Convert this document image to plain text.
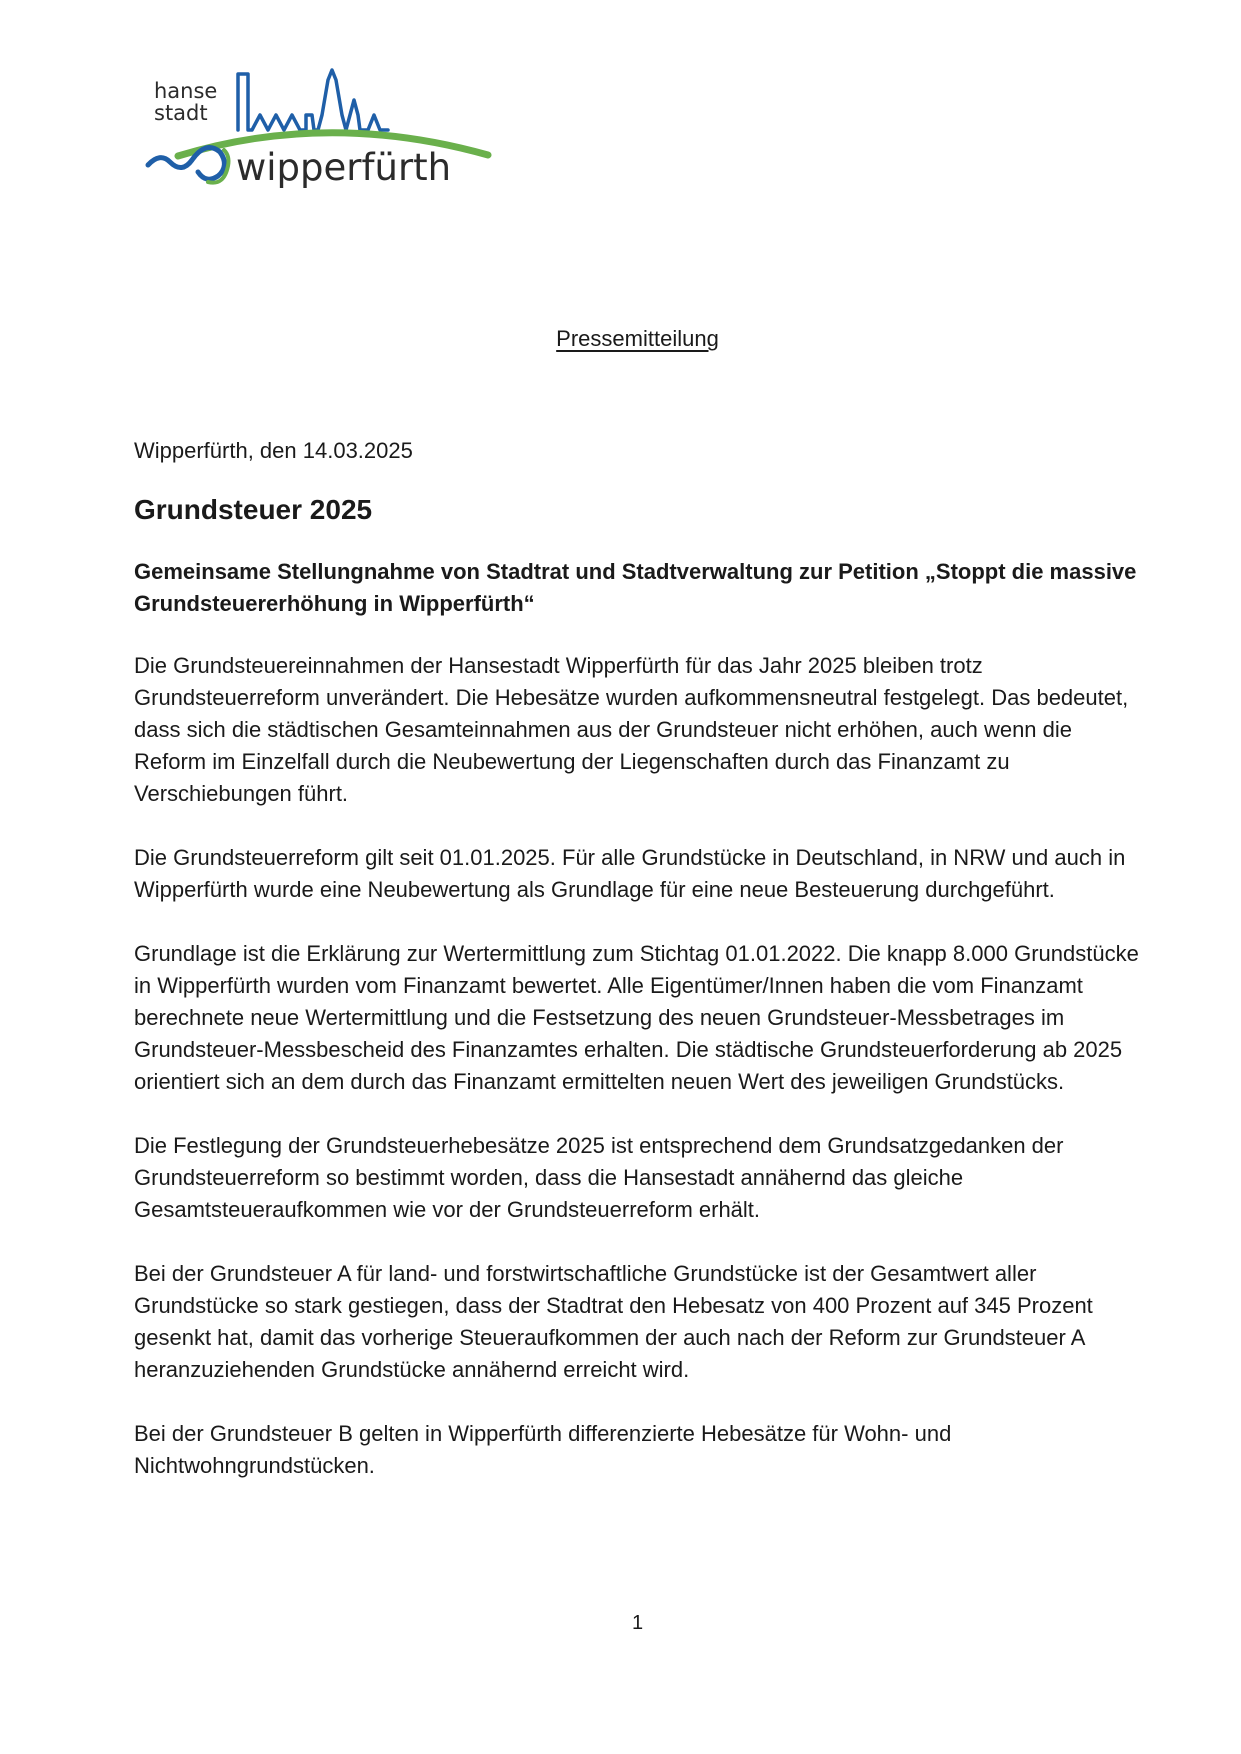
hanse
stadt
wipperfürth
Pressemitteilung
Wipperfürth, den 14.03.2025
Grundsteuer 2025
Gemeinsame Stellungnahme von Stadtrat und Stadtverwaltung zur Petition „Stoppt die massive Grundsteuererhöhung in Wipperfürth“

Die Grundsteuereinnahmen der Hansestadt Wipperfürth für das Jahr 2025 bleiben trotz Grundsteuerreform unverändert. Die Hebesätze wurden aufkommensneutral festgelegt. Das bedeutet, dass sich die städtischen Gesamteinnahmen aus der Grundsteuer nicht erhöhen, auch wenn die Reform im Einzelfall durch die Neubewertung der Liegenschaften durch das Finanzamt zu Verschiebungen führt.

Die Grundsteuerreform gilt seit 01.01.2025. Für alle Grundstücke in Deutschland, in NRW und auch in Wipperfürth wurde eine Neubewertung als Grundlage für eine neue Besteuerung durchgeführt.

Grundlage ist die Erklärung zur Wertermittlung zum Stichtag 01.01.2022. Die knapp 8.000 Grundstücke in Wipperfürth wurden vom Finanzamt bewertet. Alle Eigentümer/Innen haben die vom Finanzamt berechnete neue Wertermittlung und die Festsetzung des neuen Grundsteuer-Messbetrages im Grundsteuer-Messbescheid des Finanzamtes erhalten. Die städtische Grundsteuerforderung ab 2025 orientiert sich an dem durch das Finanzamt ermittelten neuen Wert des jeweiligen Grundstücks.

Die Festlegung der Grundsteuerhebesätze 2025 ist entsprechend dem Grundsatzgedanken der Grundsteuerreform so bestimmt worden, dass die Hansestadt annähernd das gleiche Gesamtsteueraufkommen wie vor der Grundsteuerreform erhält.

Bei der Grundsteuer A für land- und forstwirtschaftliche Grundstücke ist der Gesamtwert aller Grundstücke so stark gestiegen, dass der Stadtrat den Hebesatz von 400 Prozent auf 345 Prozent gesenkt hat, damit das vorherige Steueraufkommen der auch nach der Reform zur Grundsteuer A heranzuziehenden Grundstücke annähernd erreicht wird.

Bei der Grundsteuer B gelten in Wipperfürth differenzierte Hebesätze für Wohn- und Nichtwohngrundstücken.

1
